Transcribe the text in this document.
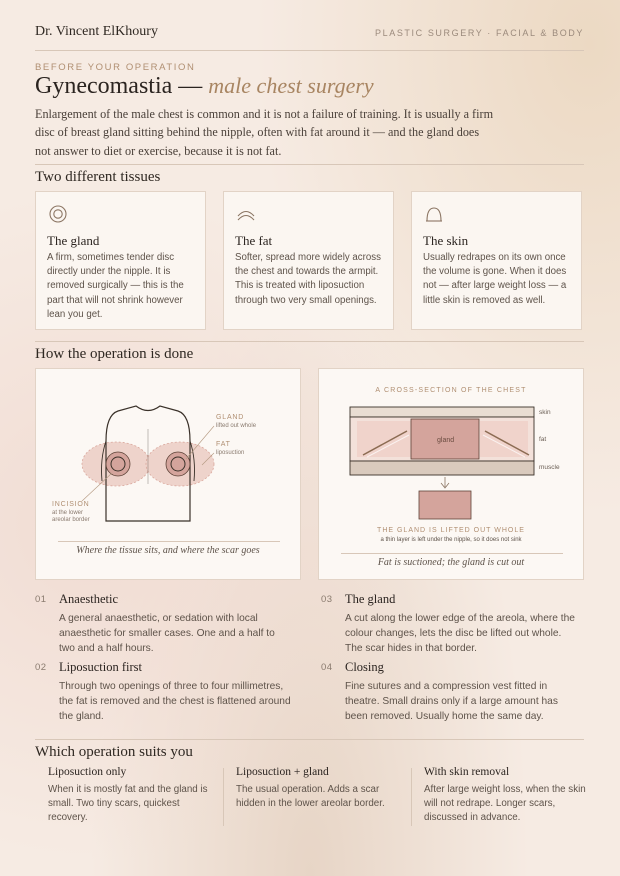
Dr. Vincent ElKhoury	PLASTIC SURGERY · FACIAL & BODY
BEFORE YOUR OPERATION
Gynecomastia — male chest surgery
Enlargement of the male chest is common and it is not a failure of training. It is usually a firm disc of breast gland sitting behind the nipple, often with fat around it — and the gland does not answer to diet or exercise, because it is not fat.
Two different tissues
The gland
A firm, sometimes tender disc directly under the nipple. It is removed surgically — this is the part that will not shrink however lean you get.
The fat
Softer, spread more widely across the chest and towards the armpit. This is treated with liposuction through two very small openings.
The skin
Usually redrapes on its own once the volume is gone. When it does not — after large weight loss — a little skin is removed as well.
How the operation is done
GLAND
lifted out whole
FAT
liposuction
INCISION
at the lower
areolar border
Where the tissue sits, and where the scar goes
A CROSS-SECTION OF THE CHEST
gland
skin
fat
muscle
THE GLAND IS LIFTED OUT WHOLE
a thin layer is left under the nipple, so it does not sink
Fat is suctioned; the gland is cut out
01 Anaesthetic
A general anaesthetic, or sedation with local anaesthetic for smaller cases. One and a half to two and a half hours.
02 Liposuction first
Through two openings of three to four millimetres, the fat is removed and the chest is flattened around the gland.
03 The gland
A cut along the lower edge of the areola, where the colour changes, lets the disc be lifted out whole. The scar hides in that border.
04 Closing
Fine sutures and a compression vest fitted in theatre. Small drains only if a large amount has been removed. Usually home the same day.
Which operation suits you
Liposuction only
When it is mostly fat and the gland is small. Two tiny scars, quickest recovery.
Liposuction + gland
The usual operation. Adds a scar hidden in the lower areolar border.
With skin removal
After large weight loss, when the skin will not redrape. Longer scars, discussed in advance.
